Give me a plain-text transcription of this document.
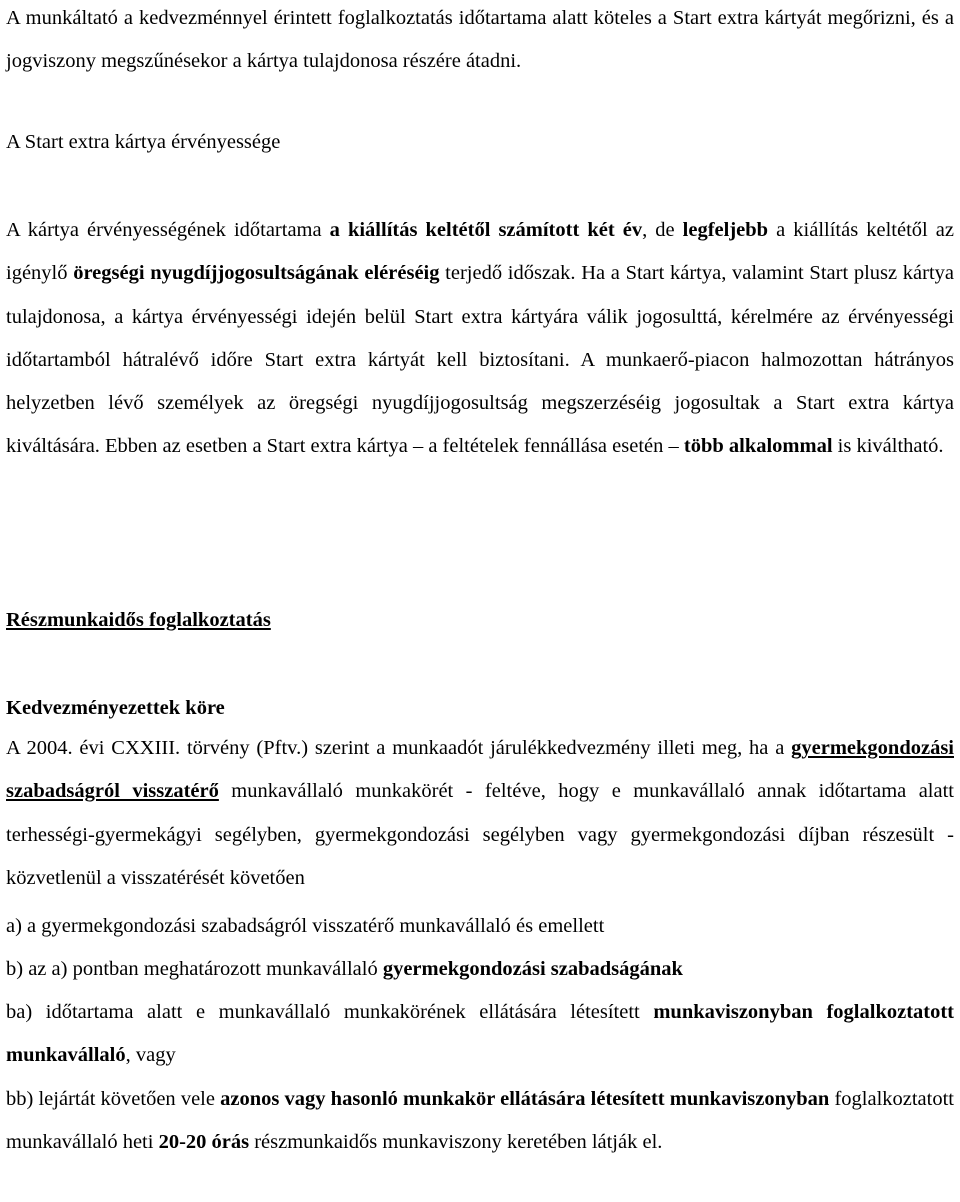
A munkáltató a kedvezménnyel érintett foglalkoztatás időtartama alatt köteles a Start extra kártyát megőrizni, és a jogviszony megszűnésekor a kártya tulajdonosa részére átadni.

A Start extra kártya érvényessége

A kártya érvényességének időtartama a kiállítás keltétől számított két év, de legfeljebb a kiállítás keltétől az igénylő öregségi nyugdíjjogosultságának eléréséig terjedő időszak. Ha a Start kártya, valamint Start plusz kártya tulajdonosa, a kártya érvényességi idején belül Start extra kártyára válik jogosulttá, kérelmére az érvényességi időtartamból hátralévő időre Start extra kártyát kell biztosítani. A munkaerő-piacon halmozottan hátrányos helyzetben lévő személyek az öregségi nyugdíjjogosultság megszerzéséig jogosultak a Start extra kártya kiváltására. Ebben az esetben a Start extra kártya – a feltételek fennállása esetén – több alkalommal is kiváltható.

Részmunkaidős foglalkoztatás
Kedvezményezettek köre

A 2004. évi CXXIII. törvény (Pftv.) szerint a munkaadót járulékkedvezmény illeti meg, ha a gyermekgondozási szabadságról visszatérő munkavállaló munkakörét - feltéve, hogy e munkavállaló annak időtartama alatt terhességi-gyermekágyi segélyben, gyermekgondozási segélyben vagy gyermekgondozási díjban részesült - közvetlenül a visszatérését követően

a) a gyermekgondozási szabadságról visszatérő munkavállaló és emellett

b) az a) pontban meghatározott munkavállaló gyermekgondozási szabadságának

ba) időtartama alatt e munkavállaló munkakörének ellátására létesített munkaviszonyban foglalkoztatott munkavállaló, vagy

bb) lejártát követően vele azonos vagy hasonló munkakör ellátására létesített munkaviszonyban foglalkoztatott munkavállaló heti 20-20 órás részmunkaidős munkaviszony keretében látják el.
